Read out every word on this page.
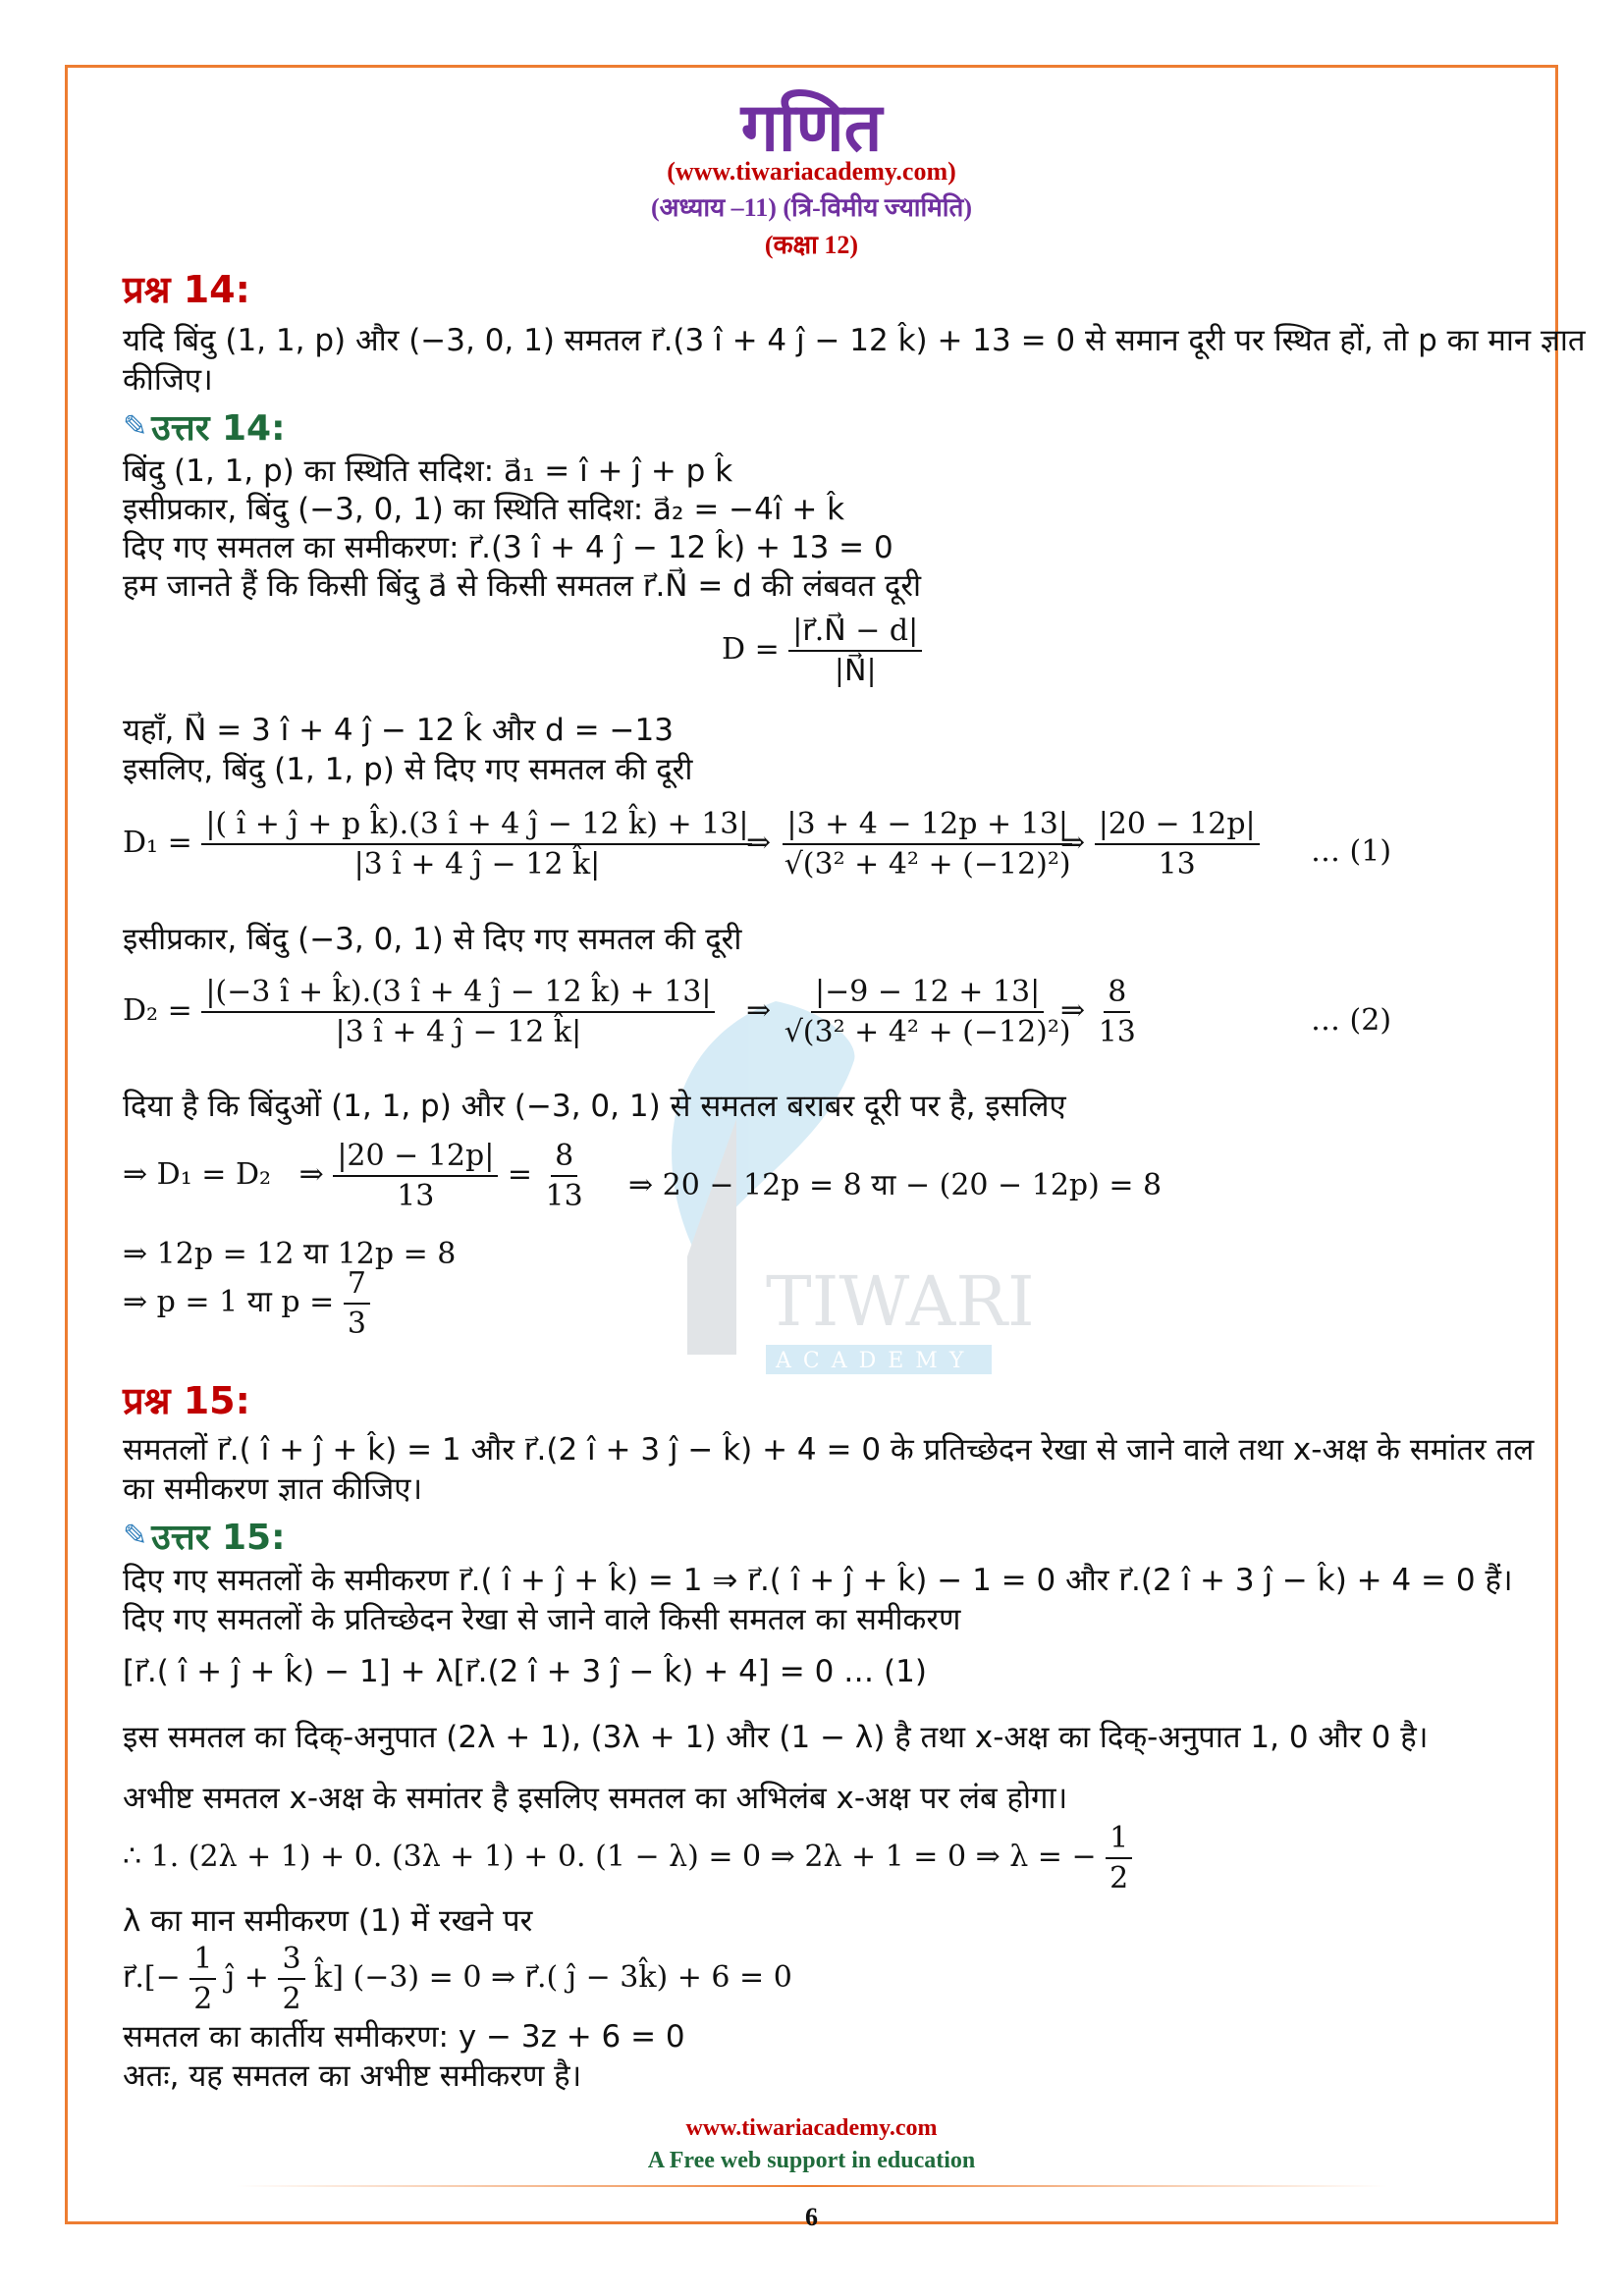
TIWARI
ACADEMY
गणित
(www.tiwariacademy.com)
(अध्याय –11) (त्रि-विमीय ज्यामिति)
(कक्षा 12)
प्रश्न 14:
यदि बिंदु (1, 1, p) और (−3, 0, 1) समतल r⃗.(3 î + 4 ĵ − 12 k̂) + 13 = 0 से समान दूरी पर स्थित हों, तो p का मान ज्ञात
कीजिए।
✎ उत्तर 14:
बिंदु (1, 1, p) का स्थिति सदिश: a⃗₁ = î + ĵ + p k̂
इसीप्रकार, बिंदु (−3, 0, 1) का स्थिति सदिश: a⃗₂ = −4î + k̂
दिए गए समतल का समीकरण: r⃗.(3 î + 4 ĵ − 12 k̂) + 13 = 0
हम जानते हैं कि किसी बिंदु a⃗ से किसी समतल r⃗.N⃗ = d की लंबवत दूरी
$D = \frac{|r⃗.N⃗ - d|}{|N⃗|}$
यहाँ, N⃗ = 3 î + 4 ĵ − 12 k̂ और d = −13
इसलिए, बिंदु (1, 1, p) से दिए गए समतल की दूरी
$D_1 = \frac{\text{|( î + ĵ + p k̂).(3 î + 4 ĵ − 12 k̂) + 13|}}{|3 î + 4 ĵ - 12 k̂|}$
⇒ $\frac{|3 + 4 - 12p + 13|}{\text{√(3² + 4² + (−12)²)}}$
⇒ $\frac{|20 - 12p|}{13}$ … (1)
इसीप्रकार, बिंदु (−3, 0, 1) से दिए गए समतल की दूरी
$D_2 = \frac{|(-3 î + k̂).(3 î + 4 ĵ - 12 k̂) + 13|}{|3 î + 4 ĵ - 12 k̂|}$ ⇒ $\frac{|-9 - 12 + 13|}{\text{√(3² + 4² + (−12)²)}}$
⇒ $\frac{8}{13}$	… (2)
दिया है कि बिंदुओं (1, 1, p) और (−3, 0, 1) से समतल बराबर दूरी पर है, इसलिए
⇒ D₁ = D₂   ⇒ $\frac{|20 - 12p|}{13} = \frac{8}{13}$ ⇒ 20 − 12p = 8 या − (20 − 12p) = 8
⇒ 12p = 12 या 12p = 8
⇒ p = 1 या $p = \frac{7}{3}$
प्रश्न 15:
समतलों r⃗.( î + ĵ + k̂) = 1 और r⃗.(2 î + 3 ĵ − k̂) + 4 = 0 के प्रतिच्छेदन रेखा से जाने वाले तथा x-अक्ष के समांतर तल
का समीकरण ज्ञात कीजिए।
✎ उत्तर 15:
दिए गए समतलों के समीकरण r⃗.( î + ĵ + k̂) = 1 ⇒ r⃗.( î + ĵ + k̂) − 1 = 0 और r⃗.(2 î + 3 ĵ − k̂) + 4 = 0 हैं।
दिए गए समतलों के प्रतिच्छेदन रेखा से जाने वाले किसी समतल का समीकरण
[r⃗.( î + ĵ + k̂) − 1] + λ[r⃗.(2 î + 3 ĵ − k̂) + 4] = 0 … (1)
इस समतल का दिक्-अनुपात (2λ + 1), (3λ + 1) और (1 − λ) है तथा x-अक्ष का दिक्-अनुपात 1, 0 और 0 है।
अभीष्ट समतल x-अक्ष के समांतर है इसलिए समतल का अभिलंब x-अक्ष पर लंब होगा।
∴ 1. (2λ + 1) + 0. (3λ + 1) + 0. (1 − λ) = 0 ⇒ 2λ + 1 = 0 ⇒ λ = − $\frac{1}{2}$
λ का मान समीकरण (1) में रखने पर
r⃗.[− $\frac{1}{2}$ ĵ + $\frac{3}{2}$ k̂] (−3) = 0 ⇒ r⃗.( ĵ − 3k̂) + 6 = 0
समतल का कार्तीय समीकरण: y − 3z + 6 = 0
अतः, यह समतल का अभीष्ट समीकरण है।
www.tiwariacademy.com
A Free web support in education
6
